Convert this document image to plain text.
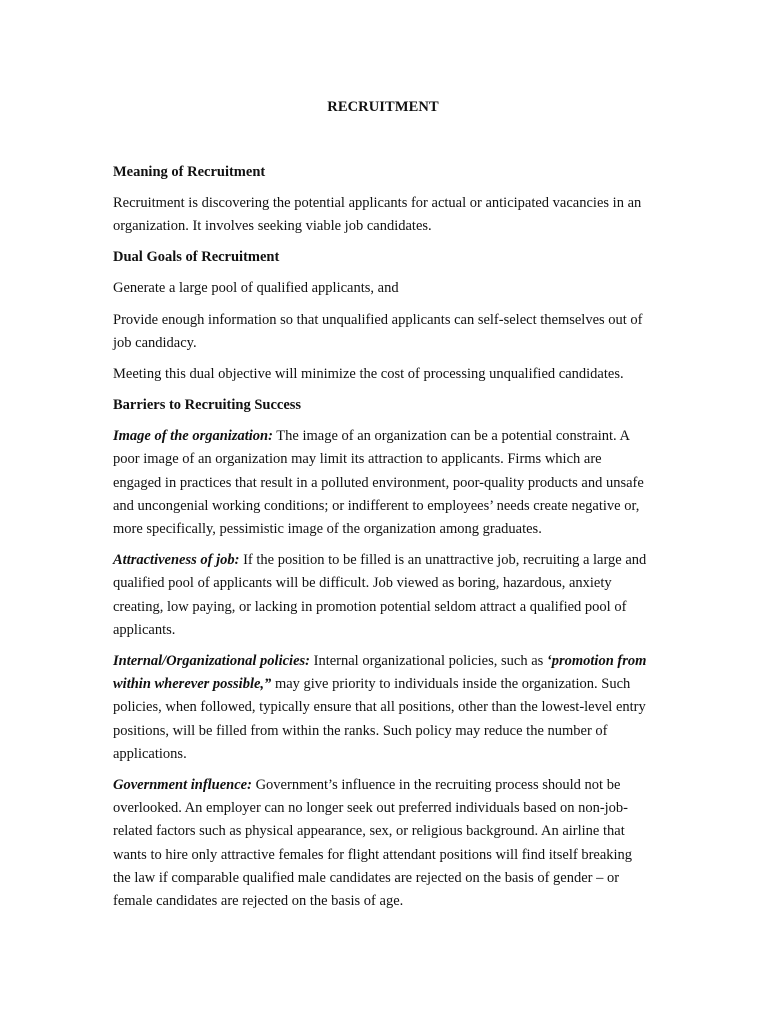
RECRUITMENT
Meaning of Recruitment
Recruitment is discovering the potential applicants for actual or anticipated vacancies in an organization. It involves seeking viable job candidates.
Dual Goals of Recruitment
Generate a large pool of qualified applicants, and
Provide enough information so that unqualified applicants can self-select themselves out of job candidacy.
Meeting this dual objective will minimize the cost of processing unqualified candidates.
Barriers to Recruiting Success
Image of the organization: The image of an organization can be a potential constraint. A poor image of an organization may limit its attraction to applicants. Firms which are engaged in practices that result in a polluted environment, poor-quality products and unsafe and uncongenial working conditions; or indifferent to employees’ needs create negative or, more specifically, pessimistic image of the organization among graduates.
Attractiveness of job: If the position to be filled is an unattractive job, recruiting a large and qualified pool of applicants will be difficult. Job viewed as boring, hazardous, anxiety creating, low paying, or lacking in promotion potential seldom attract a qualified pool of applicants.
Internal/Organizational policies: Internal organizational policies, such as ‘promotion from within wherever possible,” may give priority to individuals inside the organization. Such policies, when followed, typically ensure that all positions, other than the lowest-level entry positions, will be filled from within the ranks. Such policy may reduce the number of applications.
Government influence: Government’s influence in the recruiting process should not be overlooked. An employer can no longer seek out preferred individuals based on non-job-related factors such as physical appearance, sex, or religious background. An airline that wants to hire only attractive females for flight attendant positions will find itself breaking the law if comparable qualified male candidates are rejected on the basis of gender – or female candidates are rejected on the basis of age.
